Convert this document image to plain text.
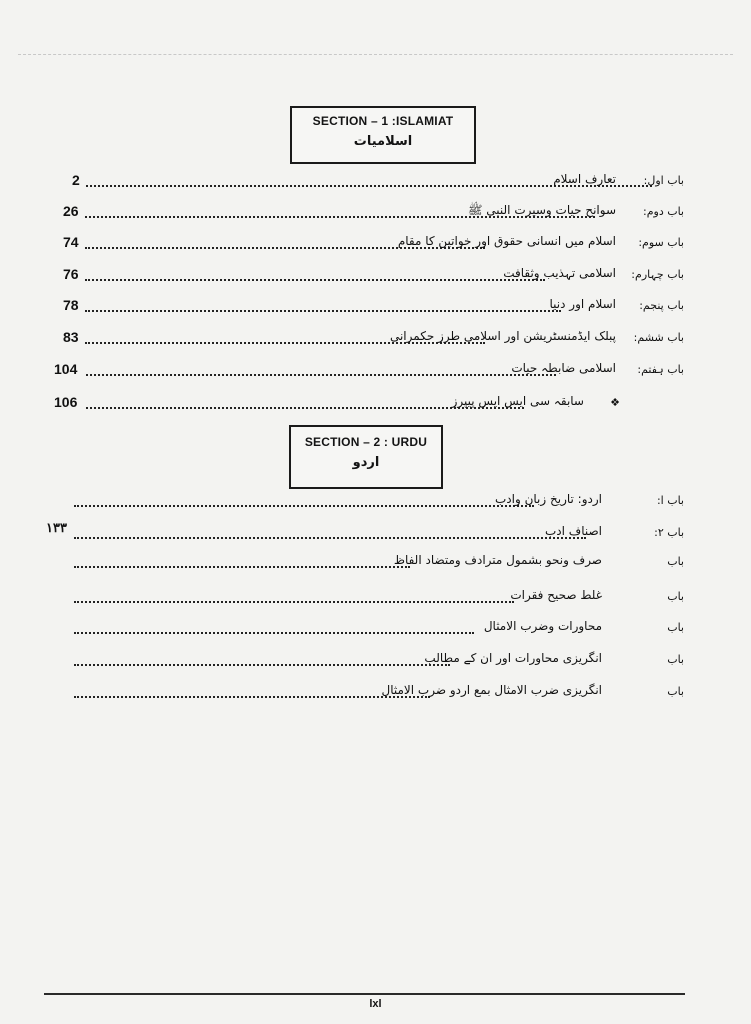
SECTION – 1 :ISLAMIAT
اسلامیات
2	تعارف اسلام	باب اول:
26	سوانح حیات وسیرت النبی ﷺ باب دوم:
74	اسلام میں انسانی حقوق اور خواتین کا مقام باب سوم:
76	اسلامی تہذیب وثقافت باب چہارم:
78	اسلام اور دنیا باب پنجم:
83	پبلک ایڈمنسٹریشن اور اسلامی طرز حکمرانی باب ششم:
104	اسلامی ضابطہ حیات باب ہفتم:
106	سابقہ سی ایس ایس پیپرز ❖
SECTION – 2 : URDU
اردو
اردو: تاریخ زبان وادب	باب ا:
۱۳۳	اصناف ادب	باب ۲:
صرف ونحو بشمول مترادف ومتضاد الفاظ	باب
غلط صحیح فقرات	باب
محاورات وضرب الامثال	باب
انگریزی محاورات اور ان کے مطالب	باب
انگریزی ضرب الامثال بمع اردو ضرب الامثال	باب
lxl
